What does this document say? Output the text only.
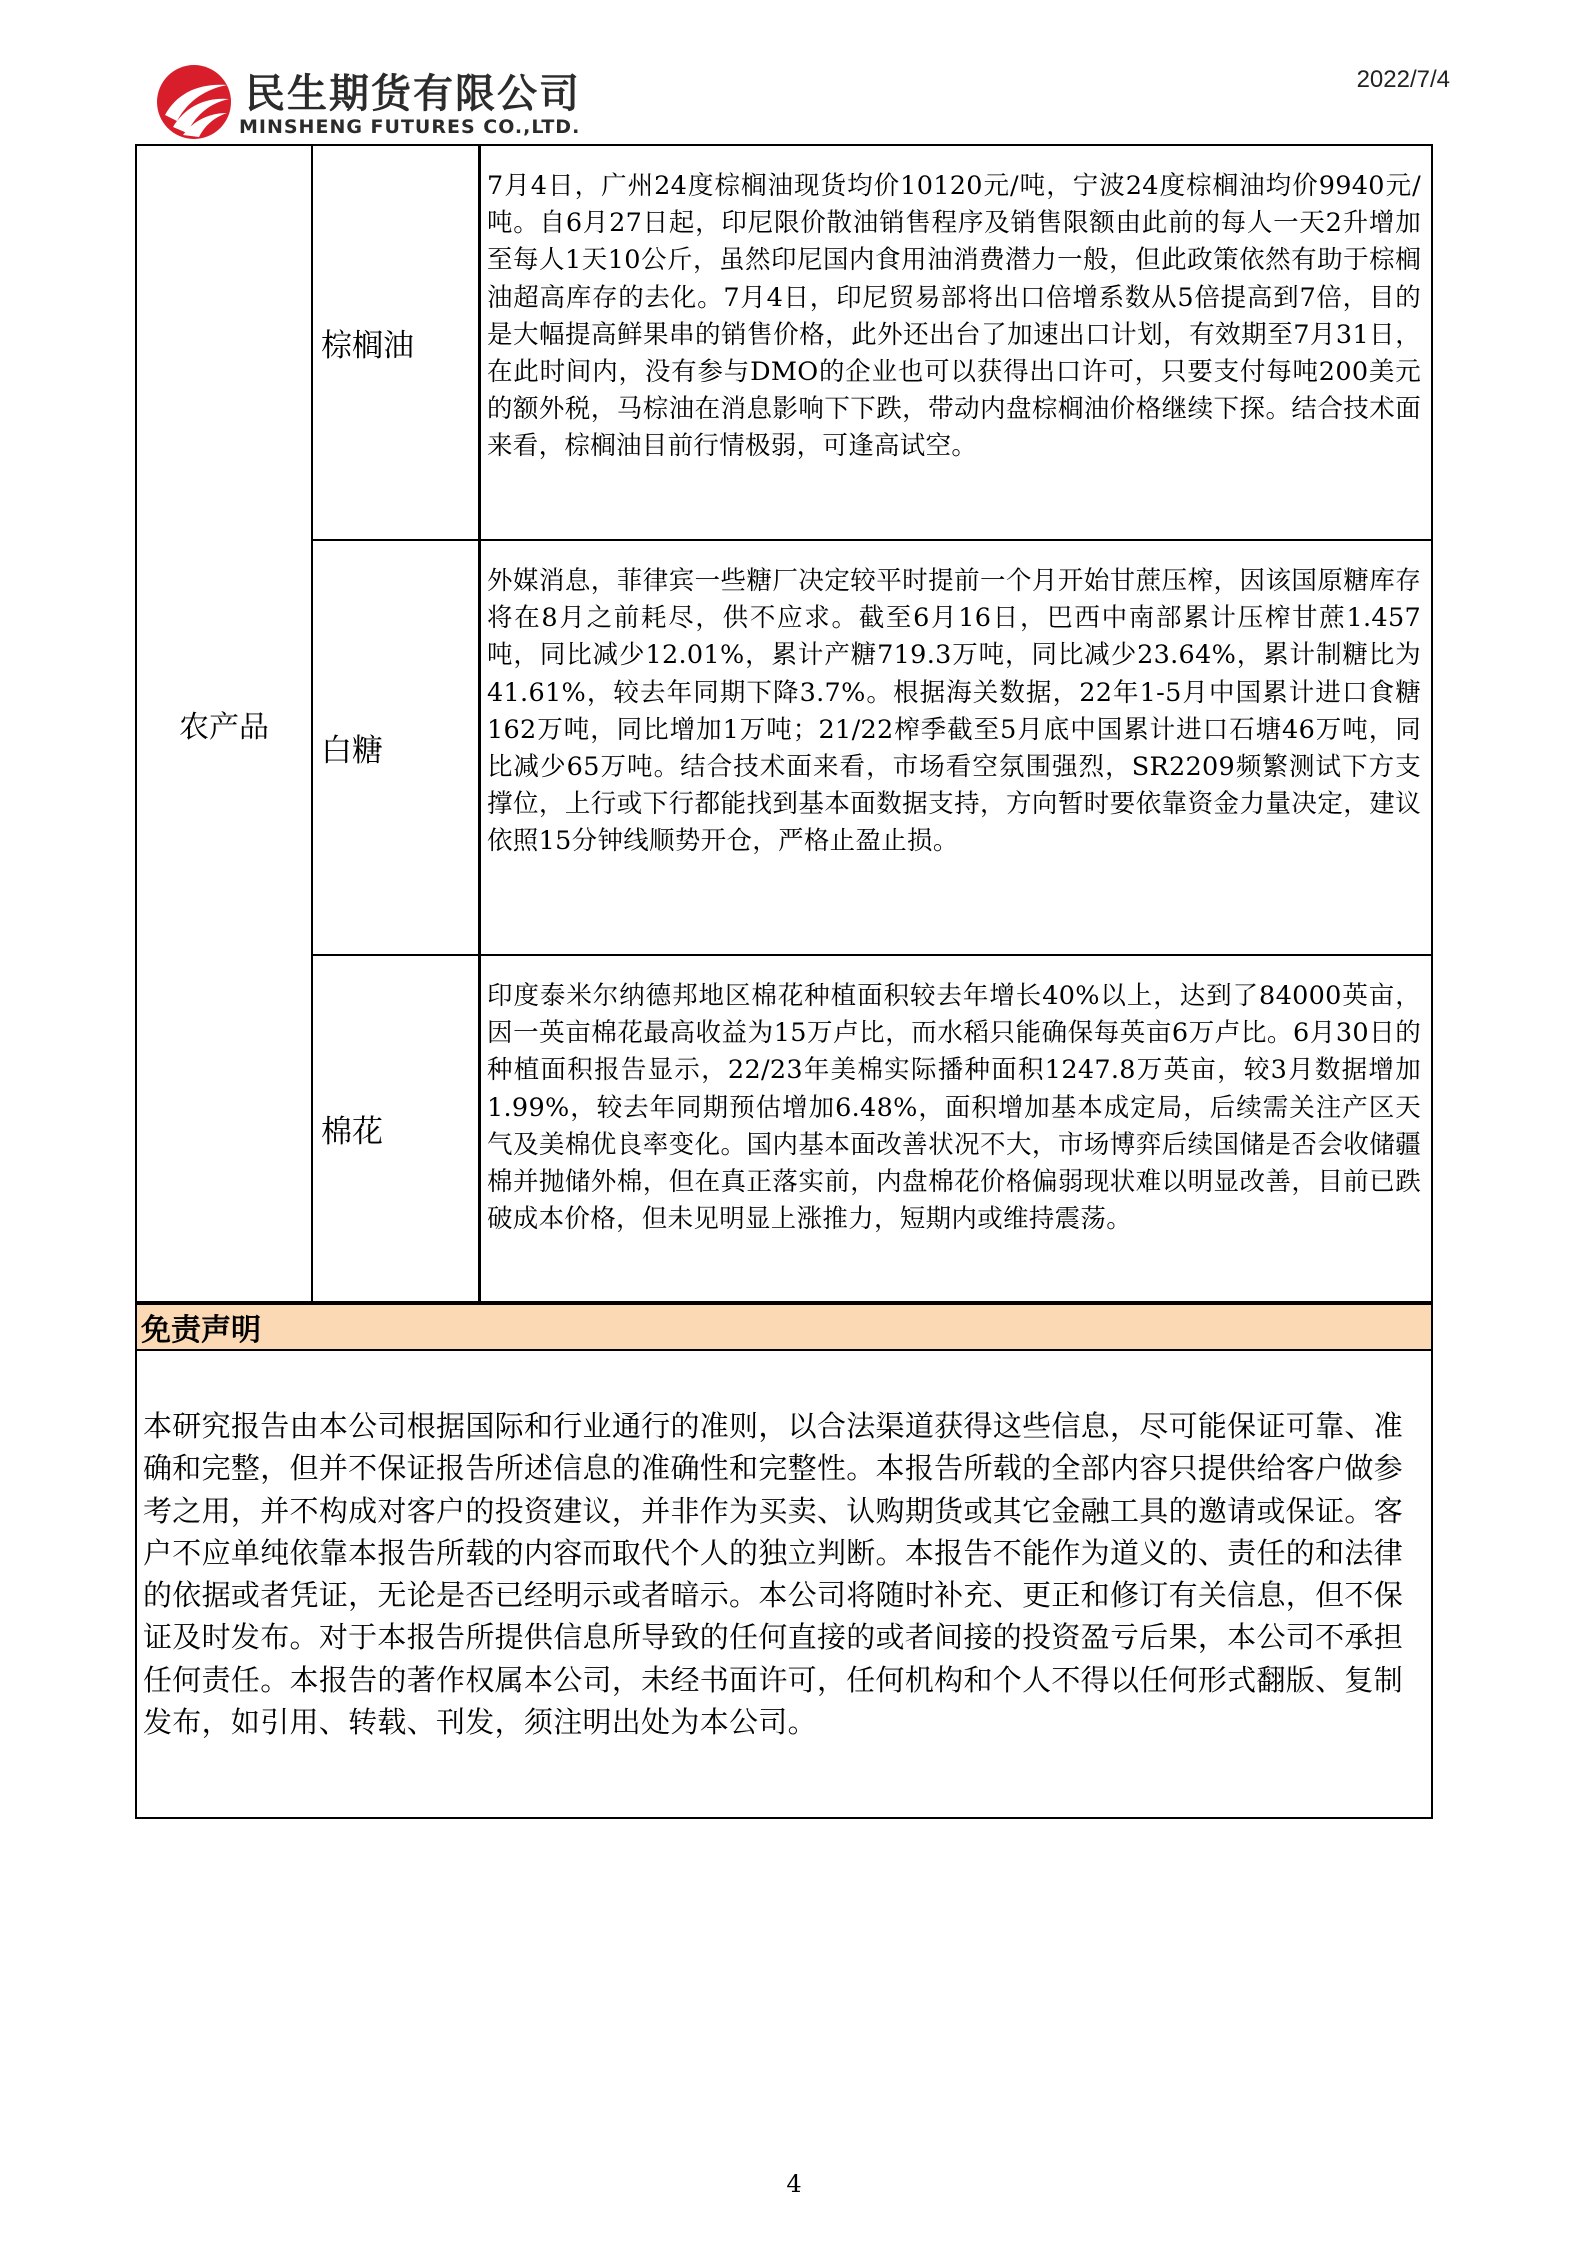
民生期货有限公司
MINSHENG FUTURES CO.,LTD.
2022/7/4
农产品
棕榈油
7月4日，广州24度棕榈油现货均价10120元/吨，宁波24度棕榈油均价9940元/吨。自6月27日起，印尼限价散油销售程序及销售限额由此前的每人一天2升增加至每人1天10公斤，虽然印尼国内食用油消费潜力一般，但此政策依然有助于棕榈油超高库存的去化。7月4日，印尼贸易部将出口倍增系数从5倍提高到7倍，目的是大幅提高鲜果串的销售价格，此外还出台了加速出口计划，有效期至7月31日，在此时间内，没有参与DMO的企业也可以获得出口许可，只要支付每吨200美元的额外税，马棕油在消息影响下下跌，带动内盘棕榈油价格继续下探。结合技术面来看，棕榈油目前行情极弱，可逢高试空。
白糖
外媒消息，菲律宾一些糖厂决定较平时提前一个月开始甘蔗压榨，因该国原糖库存将在8月之前耗尽，供不应求。截至6月16日，巴西中南部累计压榨甘蔗1.457吨，同比减少12.01%，累计产糖719.3万吨，同比减少23.64%，累计制糖比为41.61%，较去年同期下降3.7%。根据海关数据，22年1-5月中国累计进口食糖162万吨，同比增加1万吨；21/22榨季截至5月底中国累计进口石塘46万吨，同比减少65万吨。结合技术面来看，市场看空氛围强烈，SR2209频繁测试下方支撑位，上行或下行都能找到基本面数据支持，方向暂时要依靠资金力量决定，建议依照15分钟线顺势开仓，严格止盈止损。
棉花
印度泰米尔纳德邦地区棉花种植面积较去年增长40%以上，达到了84000英亩，因一英亩棉花最高收益为15万卢比，而水稻只能确保每英亩6万卢比。6月30日的种植面积报告显示，22/23年美棉实际播种面积1247.8万英亩，较3月数据增加1.99%，较去年同期预估增加6.48%，面积增加基本成定局，后续需关注产区天气及美棉优良率变化。国内基本面改善状况不大，市场博弈后续国储是否会收储疆棉并抛储外棉，但在真正落实前，内盘棉花价格偏弱现状难以明显改善，目前已跌破成本价格，但未见明显上涨推力，短期内或维持震荡。
免责声明
本研究报告由本公司根据国际和行业通行的准则，以合法渠道获得这些信息，尽可能保证可靠、准确和完整，但并不保证报告所述信息的准确性和完整性。本报告所载的全部内容只提供给客户做参考之用，并不构成对客户的投资建议，并非作为买卖、认购期货或其它金融工具的邀请或保证。客户不应单纯依靠本报告所载的内容而取代个人的独立判断。本报告不能作为道义的、责任的和法律的依据或者凭证，无论是否已经明示或者暗示。本公司将随时补充、更正和修订有关信息，但不保证及时发布。对于本报告所提供信息所导致的任何直接的或者间接的投资盈亏后果，本公司不承担任何责任。本报告的著作权属本公司，未经书面许可，任何机构和个人不得以任何形式翻版、复制发布，如引用、转载、刊发，须注明出处为本公司。
4
